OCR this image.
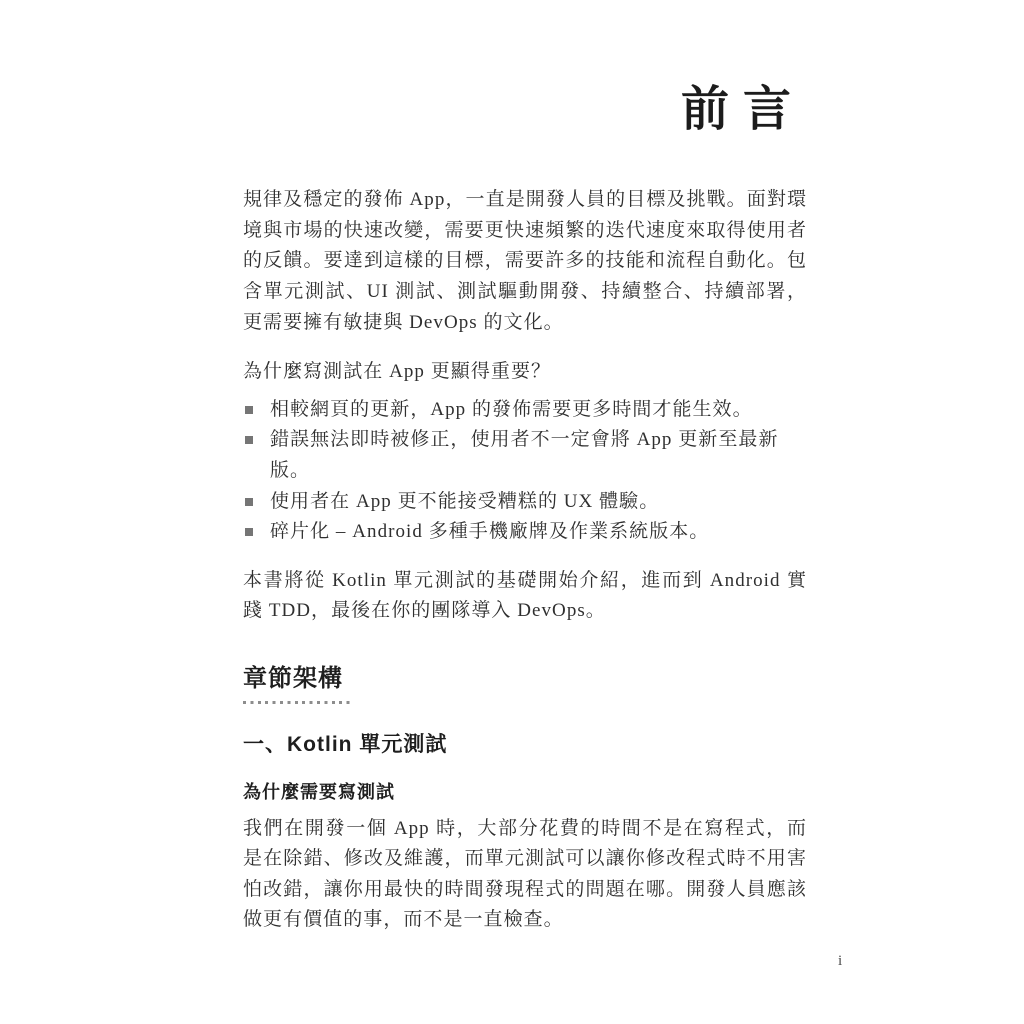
前言

規律及穩定的發佈 App，一直是開發人員的目標及挑戰。面對環境與市場的快速改變，需要更快速頻繁的迭代速度來取得使用者的反饋。要達到這樣的目標，需要許多的技能和流程自動化。包含單元測試、UI 測試、測試驅動開發、持續整合、持續部署，更需要擁有敏捷與 DevOps 的文化。

為什麼寫測試在 App 更顯得重要？

相較網頁的更新，App 的發佈需要更多時間才能生效。
錯誤無法即時被修正，使用者不一定會將 App 更新至最新版。
使用者在 App 更不能接受糟糕的 UX 體驗。
碎片化 – Android 多種手機廠牌及作業系統版本。

本書將從 Kotlin 單元測試的基礎開始介紹，進而到 Android 實踐 TDD，最後在你的團隊導入 DevOps。

章節架構
一、Kotlin 單元測試
為什麼需要寫測試

我們在開發一個 App 時，大部分花費的時間不是在寫程式，而是在除錯、修改及維護，而單元測試可以讓你修改程式時不用害怕改錯，讓你用最快的時間發現程式的問題在哪。開發人員應該做更有價值的事，而不是一直檢查。

i
